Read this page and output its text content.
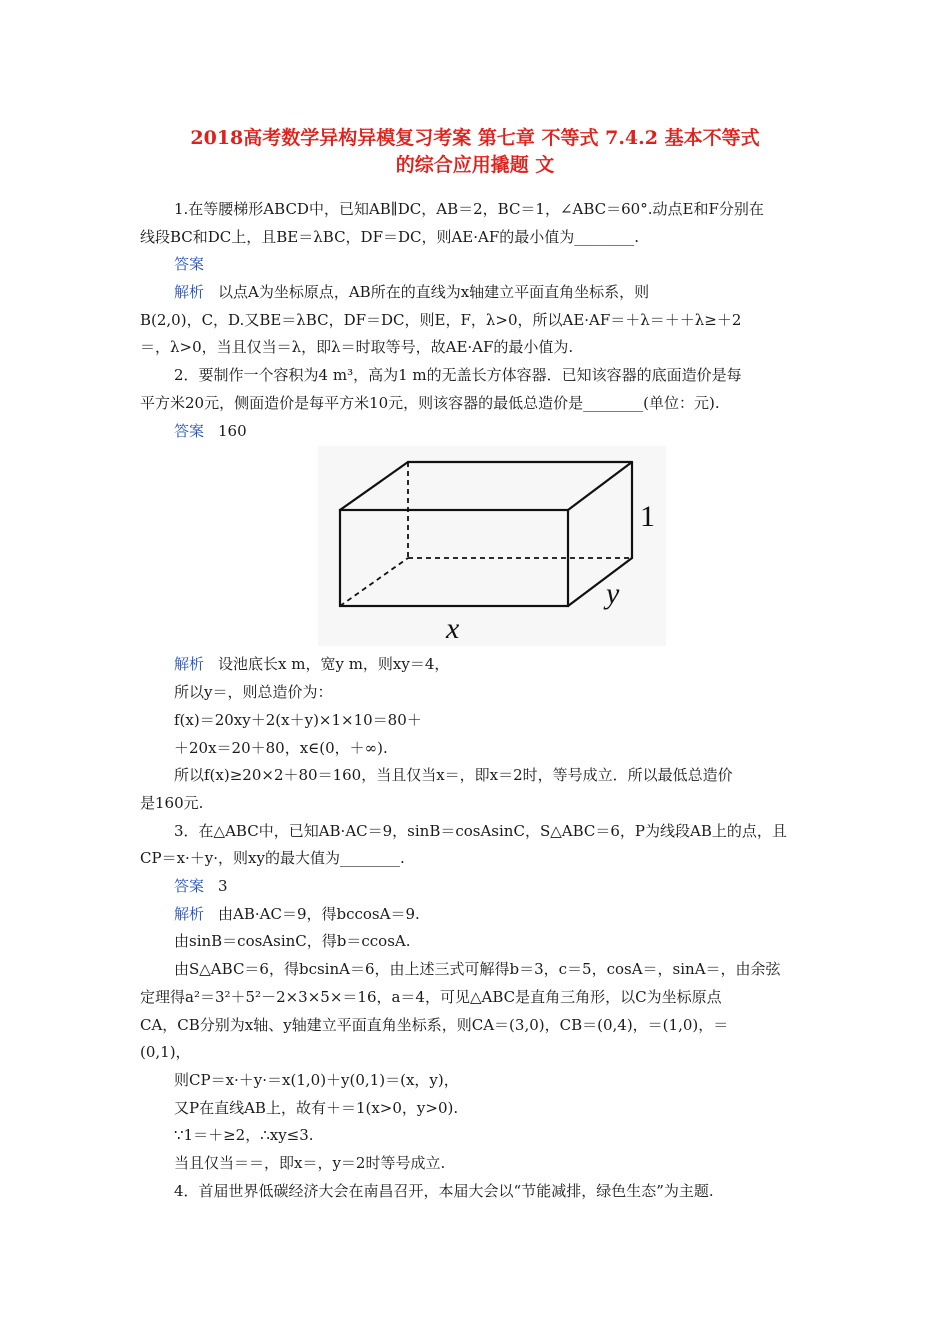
2018高考数学异构异模复习考案 第七章 不等式 7.4.2 基本不等式
的综合应用撬题 文
1.在等腰梯形ABCD中，已知AB∥DC，AB＝2，BC＝1，∠ABC＝60°.动点E和F分别在
线段BC和DC上，且BE＝λBC，DF＝DC，则AE·AF的最小值为________.
答案
解析 以点A为坐标原点，AB所在的直线为x轴建立平面直角坐标系，则
B(2,0)，C，D.又BE＝λBC，DF＝DC，则E，F，λ>0，所以AE·AF＝＋λ＝＋＋λ≥＋2
＝，λ>0，当且仅当＝λ，即λ＝时取等号，故AE·AF的最小值为.
2．要制作一个容积为4 m³，高为1 m的无盖长方体容器．已知该容器的底面造价是每
平方米20元，侧面造价是每平方米10元，则该容器的最低总造价是________(单位：元).
答案 160
x
y
1
解析 设池底长x m，宽y m，则xy＝4，
所以y＝，则总造价为：
f(x)＝20xy＋2(x＋y)×1×10＝80＋
＋20x＝20＋80，x∈(0，＋∞).
所以f(x)≥20×2＋80＝160，当且仅当x＝，即x＝2时，等号成立．所以最低总造价
是160元.
3．在△ABC中，已知AB·AC＝9，sinB＝cosAsinC，S△ABC＝6，P为线段AB上的点，且
CP＝x·＋y·，则xy的最大值为________.
答案 3
解析 由AB·AC＝9，得bccosA＝9.
由sinB＝cosAsinC，得b＝ccosA.
由S△ABC＝6，得bcsinA＝6，由上述三式可解得b＝3，c＝5，cosA＝，sinA＝，由余弦
定理得a²＝3²＋5²－2×3×5×＝16，a＝4，可见△ABC是直角三角形，以C为坐标原点
CA，CB分别为x轴、y轴建立平面直角坐标系，则CA＝(3,0)，CB＝(0,4)，＝(1,0)，＝
(0,1)，
则CP＝x·＋y·＝x(1,0)＋y(0,1)＝(x，y)，
又P在直线AB上，故有＋＝1(x>0，y>0).
∵1＝＋≥2，∴xy≤3.
当且仅当＝＝，即x＝，y＝2时等号成立.
4．首届世界低碳经济大会在南昌召开，本届大会以“节能减排，绿色生态”为主题.
